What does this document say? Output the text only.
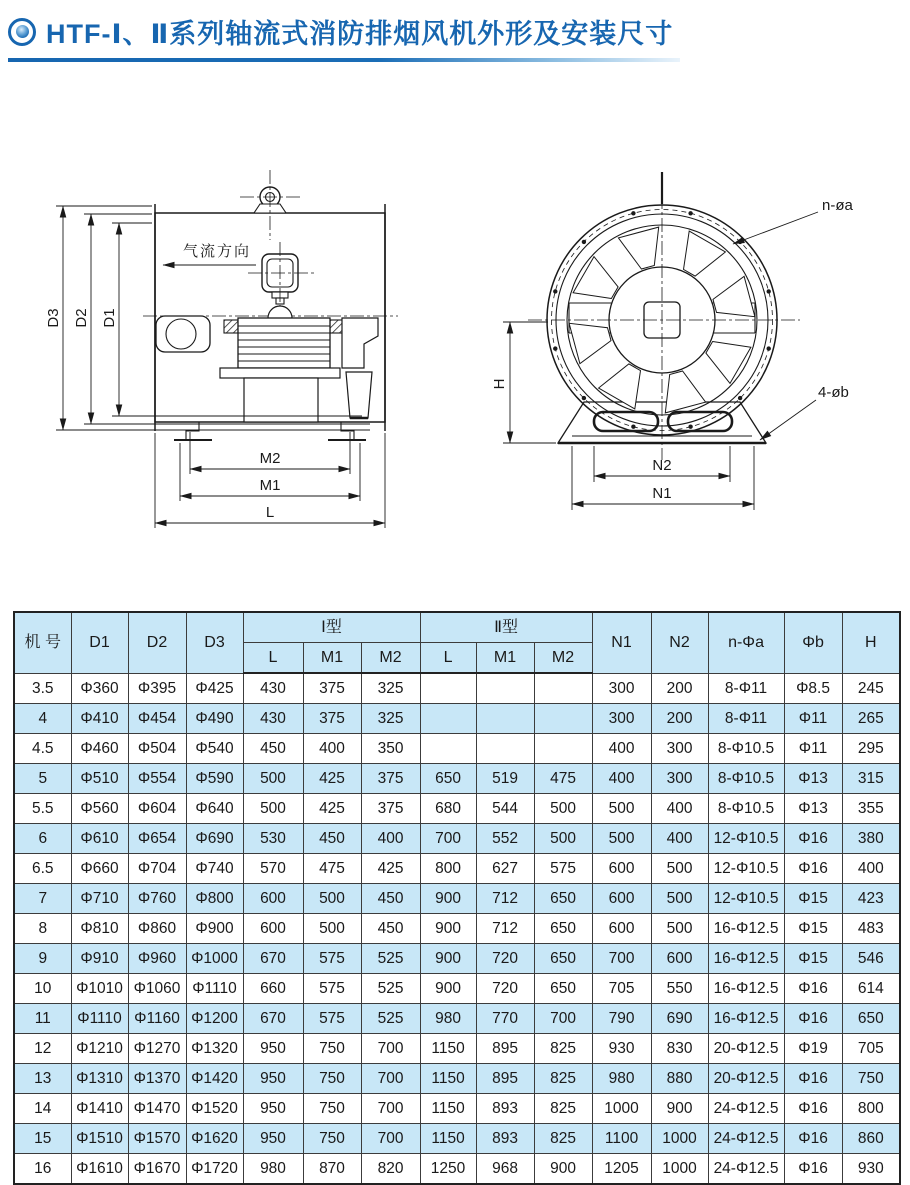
HTF-Ⅰ、Ⅱ系列轴流式消防排烟风机外形及安装尺寸
D3 D2 D1
气流方向
M2
M1
L
n-øa
4-øb
H
N2
N1
机 号	D1	D2	D3	Ⅰ型			Ⅱ型			N1	N2	n-Φa	Φb	H
				L	M1	M2	L	M1	M2					
3.5	Φ360	Φ395	Φ425	430	375	325				300	200	8-Φ11	Φ8.5	245
4	Φ410	Φ454	Φ490	430	375	325				300	200	8-Φ11	Φ11	265
4.5	Φ460	Φ504	Φ540	450	400	350				400	300	8-Φ10.5	Φ11	295
5	Φ510	Φ554	Φ590	500	425	375	650	519	475	400	300	8-Φ10.5	Φ13	315
5.5	Φ560	Φ604	Φ640	500	425	375	680	544	500	500	400	8-Φ10.5	Φ13	355
6	Φ610	Φ654	Φ690	530	450	400	700	552	500	500	400	12-Φ10.5	Φ16	380
6.5	Φ660	Φ704	Φ740	570	475	425	800	627	575	600	500	12-Φ10.5	Φ16	400
7	Φ710	Φ760	Φ800	600	500	450	900	712	650	600	500	12-Φ10.5	Φ15	423
8	Φ810	Φ860	Φ900	600	500	450	900	712	650	600	500	16-Φ12.5	Φ15	483
9	Φ910	Φ960	Φ1000	670	575	525	900	720	650	700	600	16-Φ12.5	Φ15	546
10	Φ1010	Φ1060	Φ1110	660	575	525	900	720	650	705	550	16-Φ12.5	Φ16	614
11	Φ1110	Φ1160	Φ1200	670	575	525	980	770	700	790	690	16-Φ12.5	Φ16	650
12	Φ1210	Φ1270	Φ1320	950	750	700	1150	895	825	930	830	20-Φ12.5	Φ19	705
13	Φ1310	Φ1370	Φ1420	950	750	700	1150	895	825	980	880	20-Φ12.5	Φ16	750
14	Φ1410	Φ1470	Φ1520	950	750	700	1150	893	825	1000	900	24-Φ12.5	Φ16	800
15	Φ1510	Φ1570	Φ1620	950	750	700	1150	893	825	1100	1000	24-Φ12.5	Φ16	860
16	Φ1610	Φ1670	Φ1720	980	870	820	1250	968	900	1205	1000	24-Φ12.5	Φ16	930
